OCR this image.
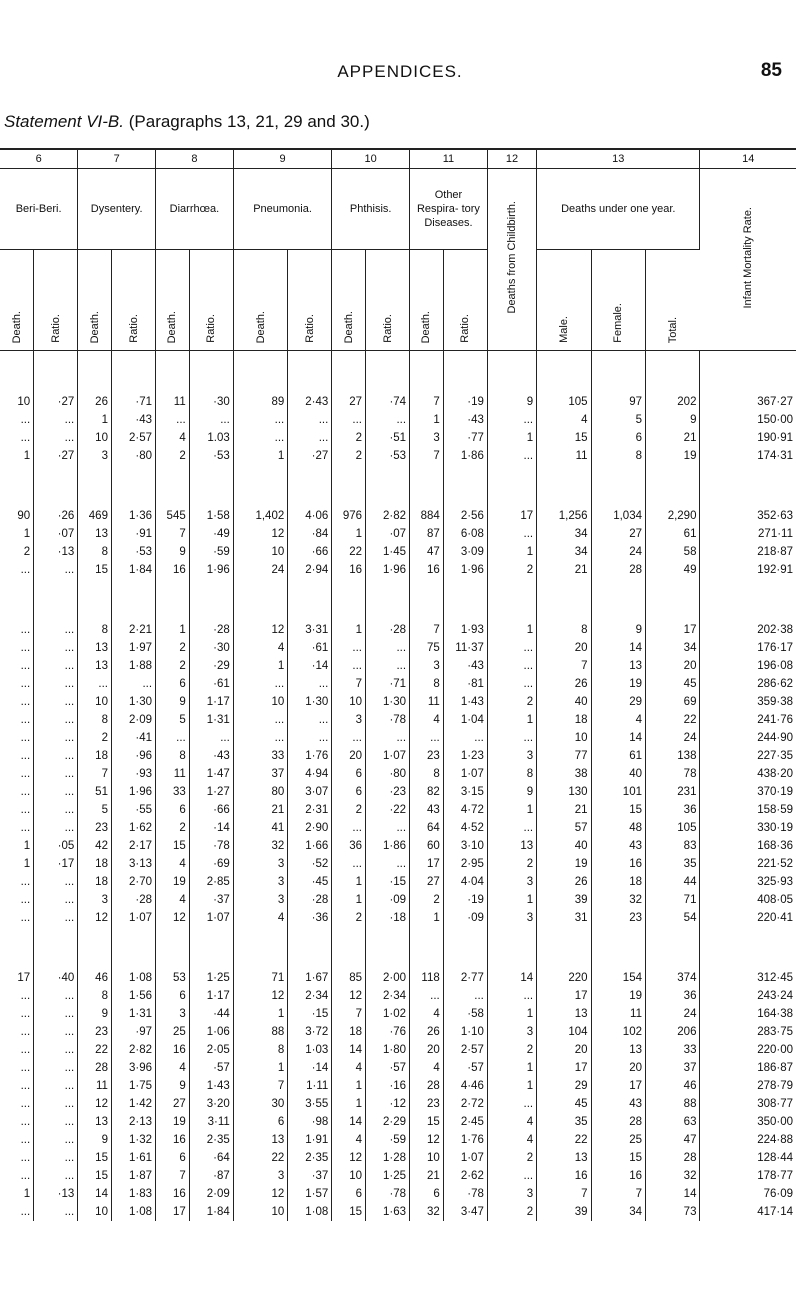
APPENDICES.	85
Statement VI-B. (Paragraphs 13, 21, 29 and 30.)
6		7		8		9		10		11		12	13			14
Beri-Beri.		Dysentery.		Diarrhœa.		Pneumonia.		Phthisis.		Other Respira- tory Diseases.		Deaths from Childbirth.	Deaths under one year.			Infant Mortality Rate.
Death.	Ratio.	Death.	Ratio.	Death.	Ratio.	Death.	Ratio.	Death.	Ratio.	Death.	Ratio.		Male.	Female.	Total.	

10	·27	26	·71	11	·30	89	2·43	27	·74	7	·19	9	105	97	202	367·27
...	...	1	·43	...	...	...	...	...	...	1	·43	...	4	5	9	150·00
...	...	10	2·57	4	1.03	...	...	2	·51	3	·77	1	15	6	21	190·91
1	·27	3	·80	2	·53	1	·27	2	·53	7	1·86	...	11	8	19	174·31

90	·26	469	1·36	545	1·58	1,402	4·06	976	2·82	884	2·56	17	1,256	1,034	2,290	352·63
1	·07	13	·91	7	·49	12	·84	1	·07	87	6·08	...	34	27	61	271·11
2	·13	8	·53	9	·59	10	·66	22	1·45	47	3·09	1	34	24	58	218·87
...	...	15	1·84	16	1·96	24	2·94	16	1·96	16	1·96	2	21	28	49	192·91

...	...	8	2·21	1	·28	12	3·31	1	·28	7	1·93	1	8	9	17	202·38
...	...	13	1·97	2	·30	4	·61	...	...	75	11·37	...	20	14	34	176·17
...	...	13	1·88	2	·29	1	·14	...	...	3	·43	...	7	13	20	196·08
...	...	...	...	6	·61	...	...	7	·71	8	·81	...	26	19	45	286·62
...	...	10	1·30	9	1·17	10	1·30	10	1·30	11	1·43	2	40	29	69	359·38
...	...	8	2·09	5	1·31	...	...	3	·78	4	1·04	1	18	4	22	241·76
...	...	2	·41	...	...	...	...	...	...	...	...	...	10	14	24	244·90
...	...	18	·96	8	·43	33	1·76	20	1·07	23	1·23	3	77	61	138	227·35
...	...	7	·93	11	1·47	37	4·94	6	·80	8	1·07	8	38	40	78	438·20
...	...	51	1·96	33	1·27	80	3·07	6	·23	82	3·15	9	130	101	231	370·19
...	...	5	·55	6	·66	21	2·31	2	·22	43	4·72	1	21	15	36	158·59
...	...	23	1·62	2	·14	41	2·90	...	...	64	4·52	...	57	48	105	330·19
1	·05	42	2·17	15	·78	32	1·66	36	1·86	60	3·10	13	40	43	83	168·36
1	·17	18	3·13	4	·69	3	·52	...	...	17	2·95	2	19	16	35	221·52
...	...	18	2·70	19	2·85	3	·45	1	·15	27	4·04	3	26	18	44	325·93
...	...	3	·28	4	·37	3	·28	1	·09	2	·19	1	39	32	71	408·05
...	...	12	1·07	12	1·07	4	·36	2	·18	1	·09	3	31	23	54	220·41

17	·40	46	1·08	53	1·25	71	1·67	85	2·00	118	2·77	14	220	154	374	312·45
...	...	8	1·56	6	1·17	12	2·34	12	2·34	...	...	...	17	19	36	243·24
...	...	9	1·31	3	·44	1	·15	7	1·02	4	·58	1	13	11	24	164·38
...	...	23	·97	25	1·06	88	3·72	18	·76	26	1·10	3	104	102	206	283·75
...	...	22	2·82	16	2·05	8	1·03	14	1·80	20	2·57	2	20	13	33	220·00
...	...	28	3·96	4	·57	1	·14	4	·57	4	·57	1	17	20	37	186·87
...	...	11	1·75	9	1·43	7	1·11	1	·16	28	4·46	1	29	17	46	278·79
...	...	12	1·42	27	3·20	30	3·55	1	·12	23	2·72	...	45	43	88	308·77
...	...	13	2·13	19	3·11	6	·98	14	2·29	15	2·45	4	35	28	63	350·00
...	...	9	1·32	16	2·35	13	1·91	4	·59	12	1·76	4	22	25	47	224·88
...	...	15	1·61	6	·64	22	2·35	12	1·28	10	1·07	2	13	15	28	128·44
...	...	15	1·87	7	·87	3	·37	10	1·25	21	2·62	...	16	16	32	178·77
1	·13	14	1·83	16	2·09	12	1·57	6	·78	6	·78	3	7	7	14	76·09
...	...	10	1·08	17	1·84	10	1·08	15	1·63	32	3·47	2	39	34	73	417·14
